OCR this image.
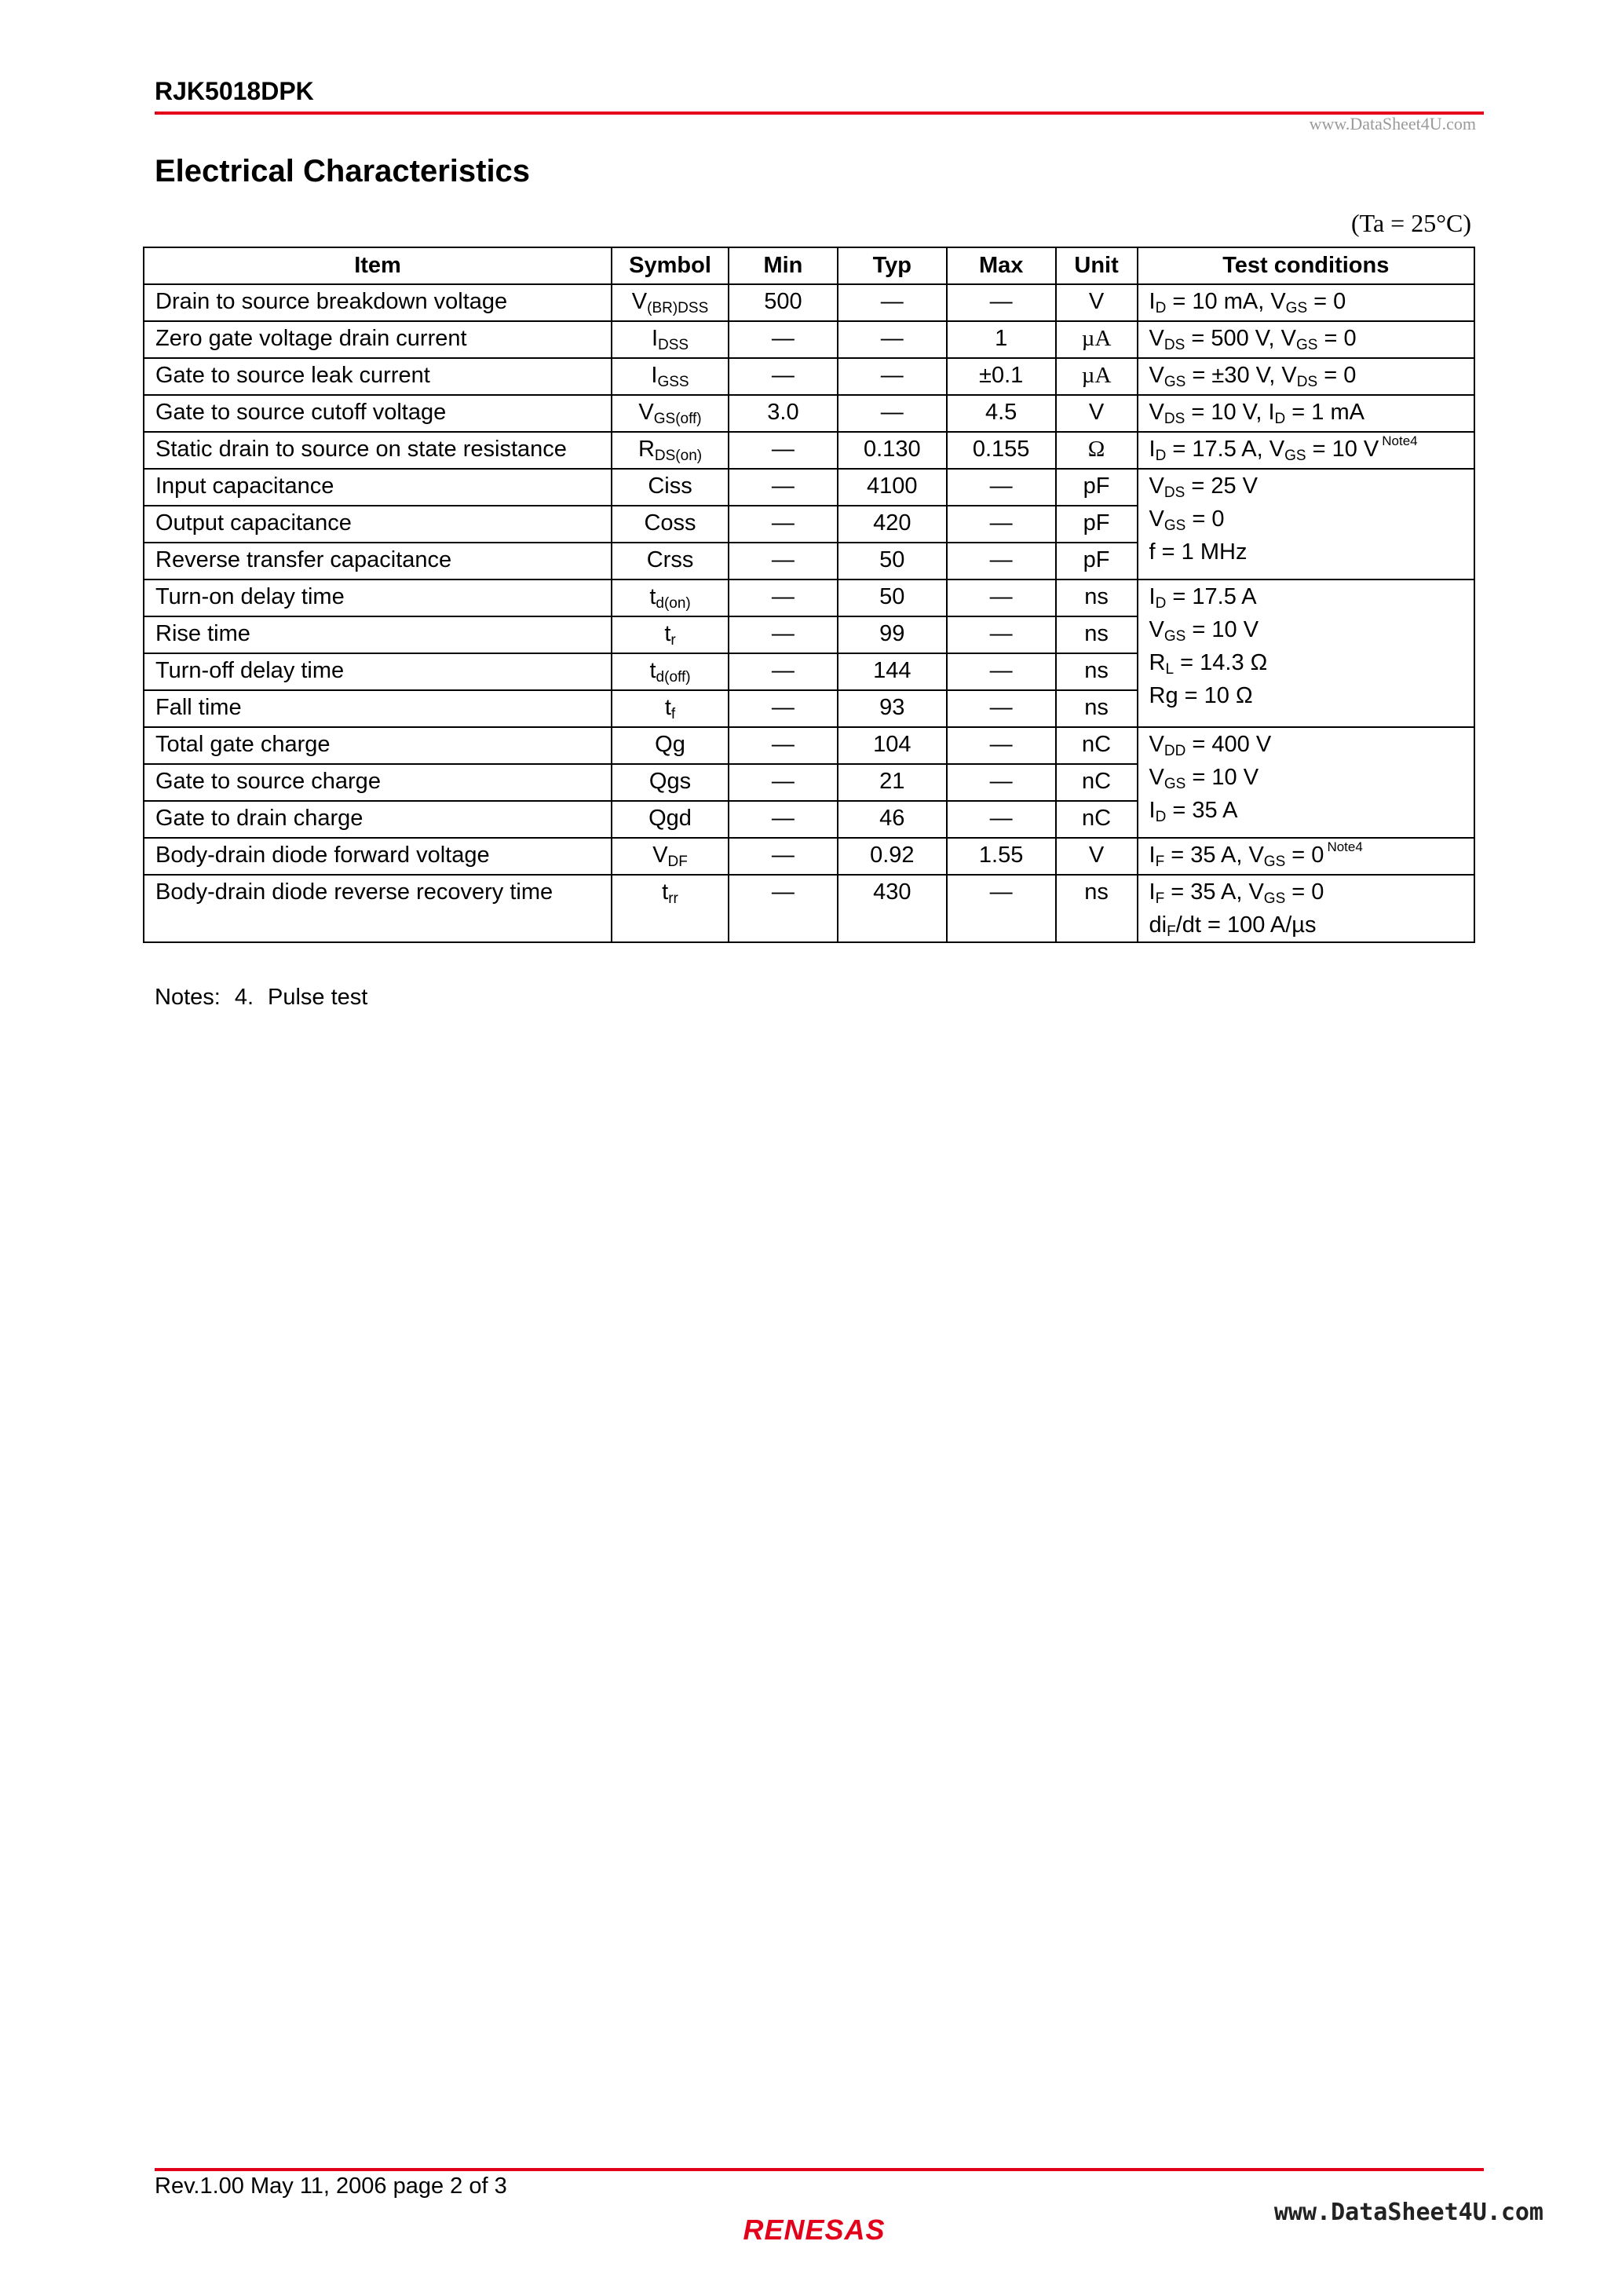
RJK5018DPK
www.DataSheet4U.com
Electrical Characteristics
(Ta = 25°C)
Item	Symbol	Min	Typ	Max	Unit	Test conditions
Drain to source breakdown voltage	$V_{(BR)DSS}$	500	—	—	V	$I_D = 10$ mA, $V_{GS} = 0$
Zero gate voltage drain current	$I_{DSS}$	—	—	1	µA	$V_{DS} = 500$ V, $V_{GS} = 0$
Gate to source leak current	$I_{GSS}$	—	—	±0.1	µA	$V_{GS} = \pm 30$ V, $V_{DS} = 0$
Gate to source cutoff voltage	$V_{GS(off)}$	3.0	—	4.5	V	$V_{DS} = 10$ V, $I_D = 1$ mA
Static drain to source on state resistance	$R_{DS(on)}$	—	0.130	0.155	Ω	$I_D = 17.5$ A, $V_{GS} = 10$ V $^{Note4}$
Input capacitance	Ciss	—	4100	—	pF	$V_{DS} = 25$ V
$V_{GS} = 0$
f = 1 MHz

Output capacitance	Coss	—	420	—	pF	
Reverse transfer capacitance	Crss	—	50	—	pF	
Turn-on delay time	$t_{d(on)}$	—	50	—	ns	$I_D = 17.5$ A
$V_{GS} = 10$ V
$R_L = 14.3$ Ω
Rg = 10 Ω

Rise time	$t_r$	—	99	—	ns	
Turn-off delay time	$t_{d(off)}$	—	144	—	ns	
Fall time	$t_f$	—	93	—	ns	
Total gate charge	Qg	—	104	—	nC	$V_{DD} = 400$ V
$V_{GS} = 10$ V
$I_D = 35$ A

Gate to source charge	Qgs	—	21	—	nC	
Gate to drain charge	Qgd	—	46	—	nC	
Body-drain diode forward voltage	$V_{DF}$	—	0.92	1.55	V	$I_F = 35$ A, $V_{GS} = 0$ $^{Note4}$
Body-drain diode reverse recovery time	$t_{rr}$	—	430	—	ns	$I_F = 35$ A, $V_{GS} = 0$
$di_F/dt = 100$ A/µs
Notes: 4. Pulse test
Rev.1.00 May 11, 2006 page 2 of 3
RENESAS
www.DataSheet4U.com
